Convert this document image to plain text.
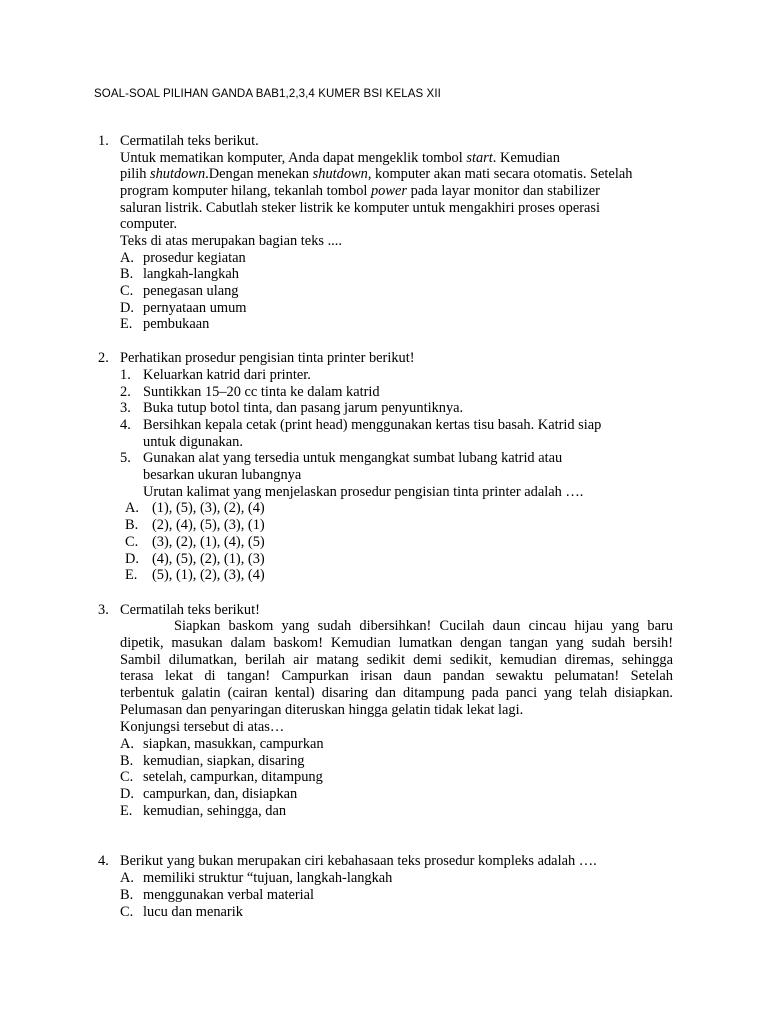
SOAL-SOAL PILIHAN GANDA BAB1,2,3,4 KUMER BSI KELAS XII
1. Cermatilah teks berikut.
Untuk mematikan komputer, Anda dapat mengeklik tombol start. Kemudian
pilih shutdown.Dengan menekan shutdown, komputer akan mati secara otomatis. Setelah
program komputer hilang, tekanlah tombol power pada layar monitor dan stabilizer
saluran listrik. Cabutlah steker listrik ke komputer untuk mengakhiri proses operasi
computer.
Teks di atas merupakan bagian teks ....
A. prosedur kegiatan
B. langkah-langkah
C. penegasan ulang
D. pernyataan umum
E. pembukaan
2. Perhatikan prosedur pengisian tinta printer berikut!
1. Keluarkan katrid dari printer.
2. Suntikkan 15–20 cc tinta ke dalam katrid
3. Buka tutup botol tinta, dan pasang jarum penyuntiknya.
4. Bersihkan kepala cetak (print head) menggunakan kertas tisu basah. Katrid siap
untuk digunakan.
5. Gunakan alat yang tersedia untuk mengangkat sumbat lubang katrid atau
besarkan ukuran lubangnya
Urutan kalimat yang menjelaskan prosedur pengisian tinta printer adalah ….
A. (1), (5), (3), (2), (4)
B. (2), (4), (5), (3), (1)
C. (3), (2), (1), (4), (5)
D. (4), (5), (2), (1), (3)
E. (5), (1), (2), (3), (4)
3. Cermatilah teks berikut!
Siapkan baskom yang sudah dibersihkan! Cucilah daun cincau hijau yang baru
dipetik, masukan dalam baskom! Kemudian lumatkan dengan tangan yang sudah bersih!
Sambil dilumatkan, berilah air matang sedikit demi sedikit, kemudian diremas, sehingga
terasa lekat di tangan! Campurkan irisan daun pandan sewaktu pelumatan! Setelah
terbentuk galatin (cairan kental) disaring dan ditampung pada panci yang telah disiapkan.
Pelumasan dan penyaringan diteruskan hingga gelatin tidak lekat lagi.
Konjungsi tersebut di atas…
A. siapkan, masukkan, campurkan
B. kemudian, siapkan, disaring
C. setelah, campurkan, ditampung
D. campurkan, dan, disiapkan
E. kemudian, sehingga, dan
4. Berikut yang bukan merupakan ciri kebahasaan teks prosedur kompleks adalah ….
A. memiliki struktur “tujuan, langkah-langkah
B. menggunakan verbal material
C. lucu dan menarik
